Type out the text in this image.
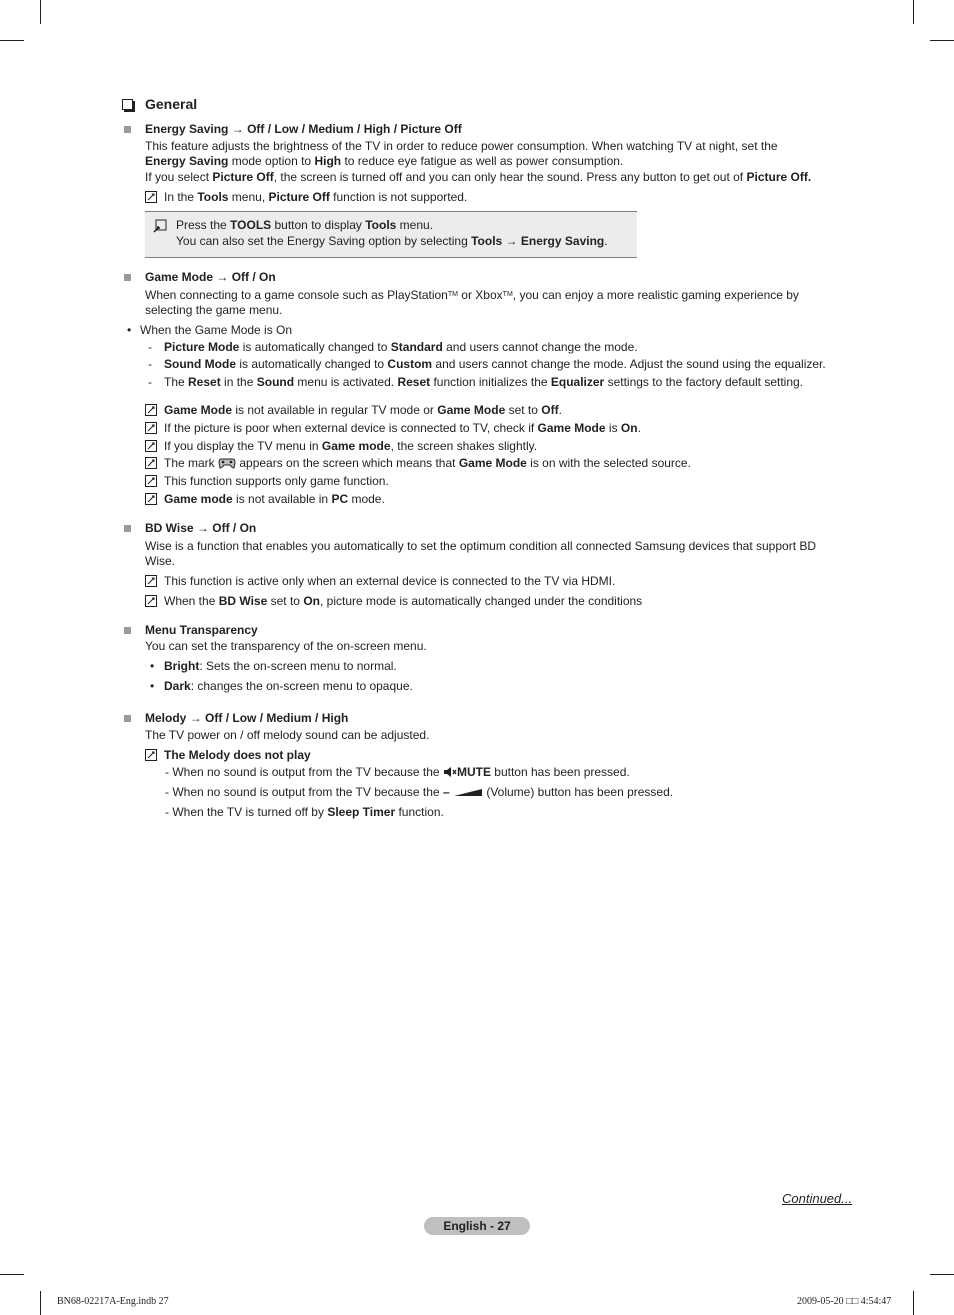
General
Energy Saving → Off / Low / Medium / High / Picture Off
This feature adjusts the brightness of the TV in order to reduce power consumption. When watching TV at night, set the
Energy Saving mode option to High to reduce eye fatigue as well as power consumption.
If you select Picture Off, the screen is turned off and you can only hear the sound. Press any button to get out of Picture Off.
In the Tools menu, Picture Off function is not supported.
Press the TOOLS button to display Tools menu.
You can also set the Energy Saving option by selecting Tools → Energy Saving.
Game Mode → Off / On
When connecting to a game console such as PlayStation™ or Xbox™, you can enjoy a more realistic gaming experience by
selecting the game menu.
• When the Game Mode is On
- Picture Mode is automatically changed to Standard and users cannot change the mode.
- Sound Mode is automatically changed to Custom and users cannot change the mode. Adjust the sound using the equalizer.
- The Reset in the Sound menu is activated. Reset function initializes the Equalizer settings to the factory default setting.
Game Mode is not available in regular TV mode or Game Mode set to Off.
If the picture is poor when external device is connected to TV, check if Game Mode is On.
If you display the TV menu in Game mode, the screen shakes slightly.
The mark  appears on the screen which means that Game Mode is on with the selected source.
This function supports only game function.
Game mode is not available in PC mode.
BD Wise → Off / On
Wise is a function that enables you automatically to set the optimum condition all connected Samsung devices that support BD
Wise.
This function is active only when an external device is connected to the TV via HDMI.
When the BD Wise set to On, picture mode is automatically changed under the conditions
Menu Transparency
You can set the transparency of the on-screen menu.
• Bright: Sets the on-screen menu to normal.
• Dark: changes the on-screen menu to opaque.
Melody → Off / Low / Medium / High
The TV power on / off melody sound can be adjusted.
The Melody does not play
- When no sound is output from the TV because the MUTE button has been pressed.
- When no sound is output from the TV because the –	(Volume) button has been pressed.
- When the TV is turned off by Sleep Timer function.
Continued...
English - 27
BN68-02217A-Eng.indb 27	2009-05-20 □□ 4:54:47
